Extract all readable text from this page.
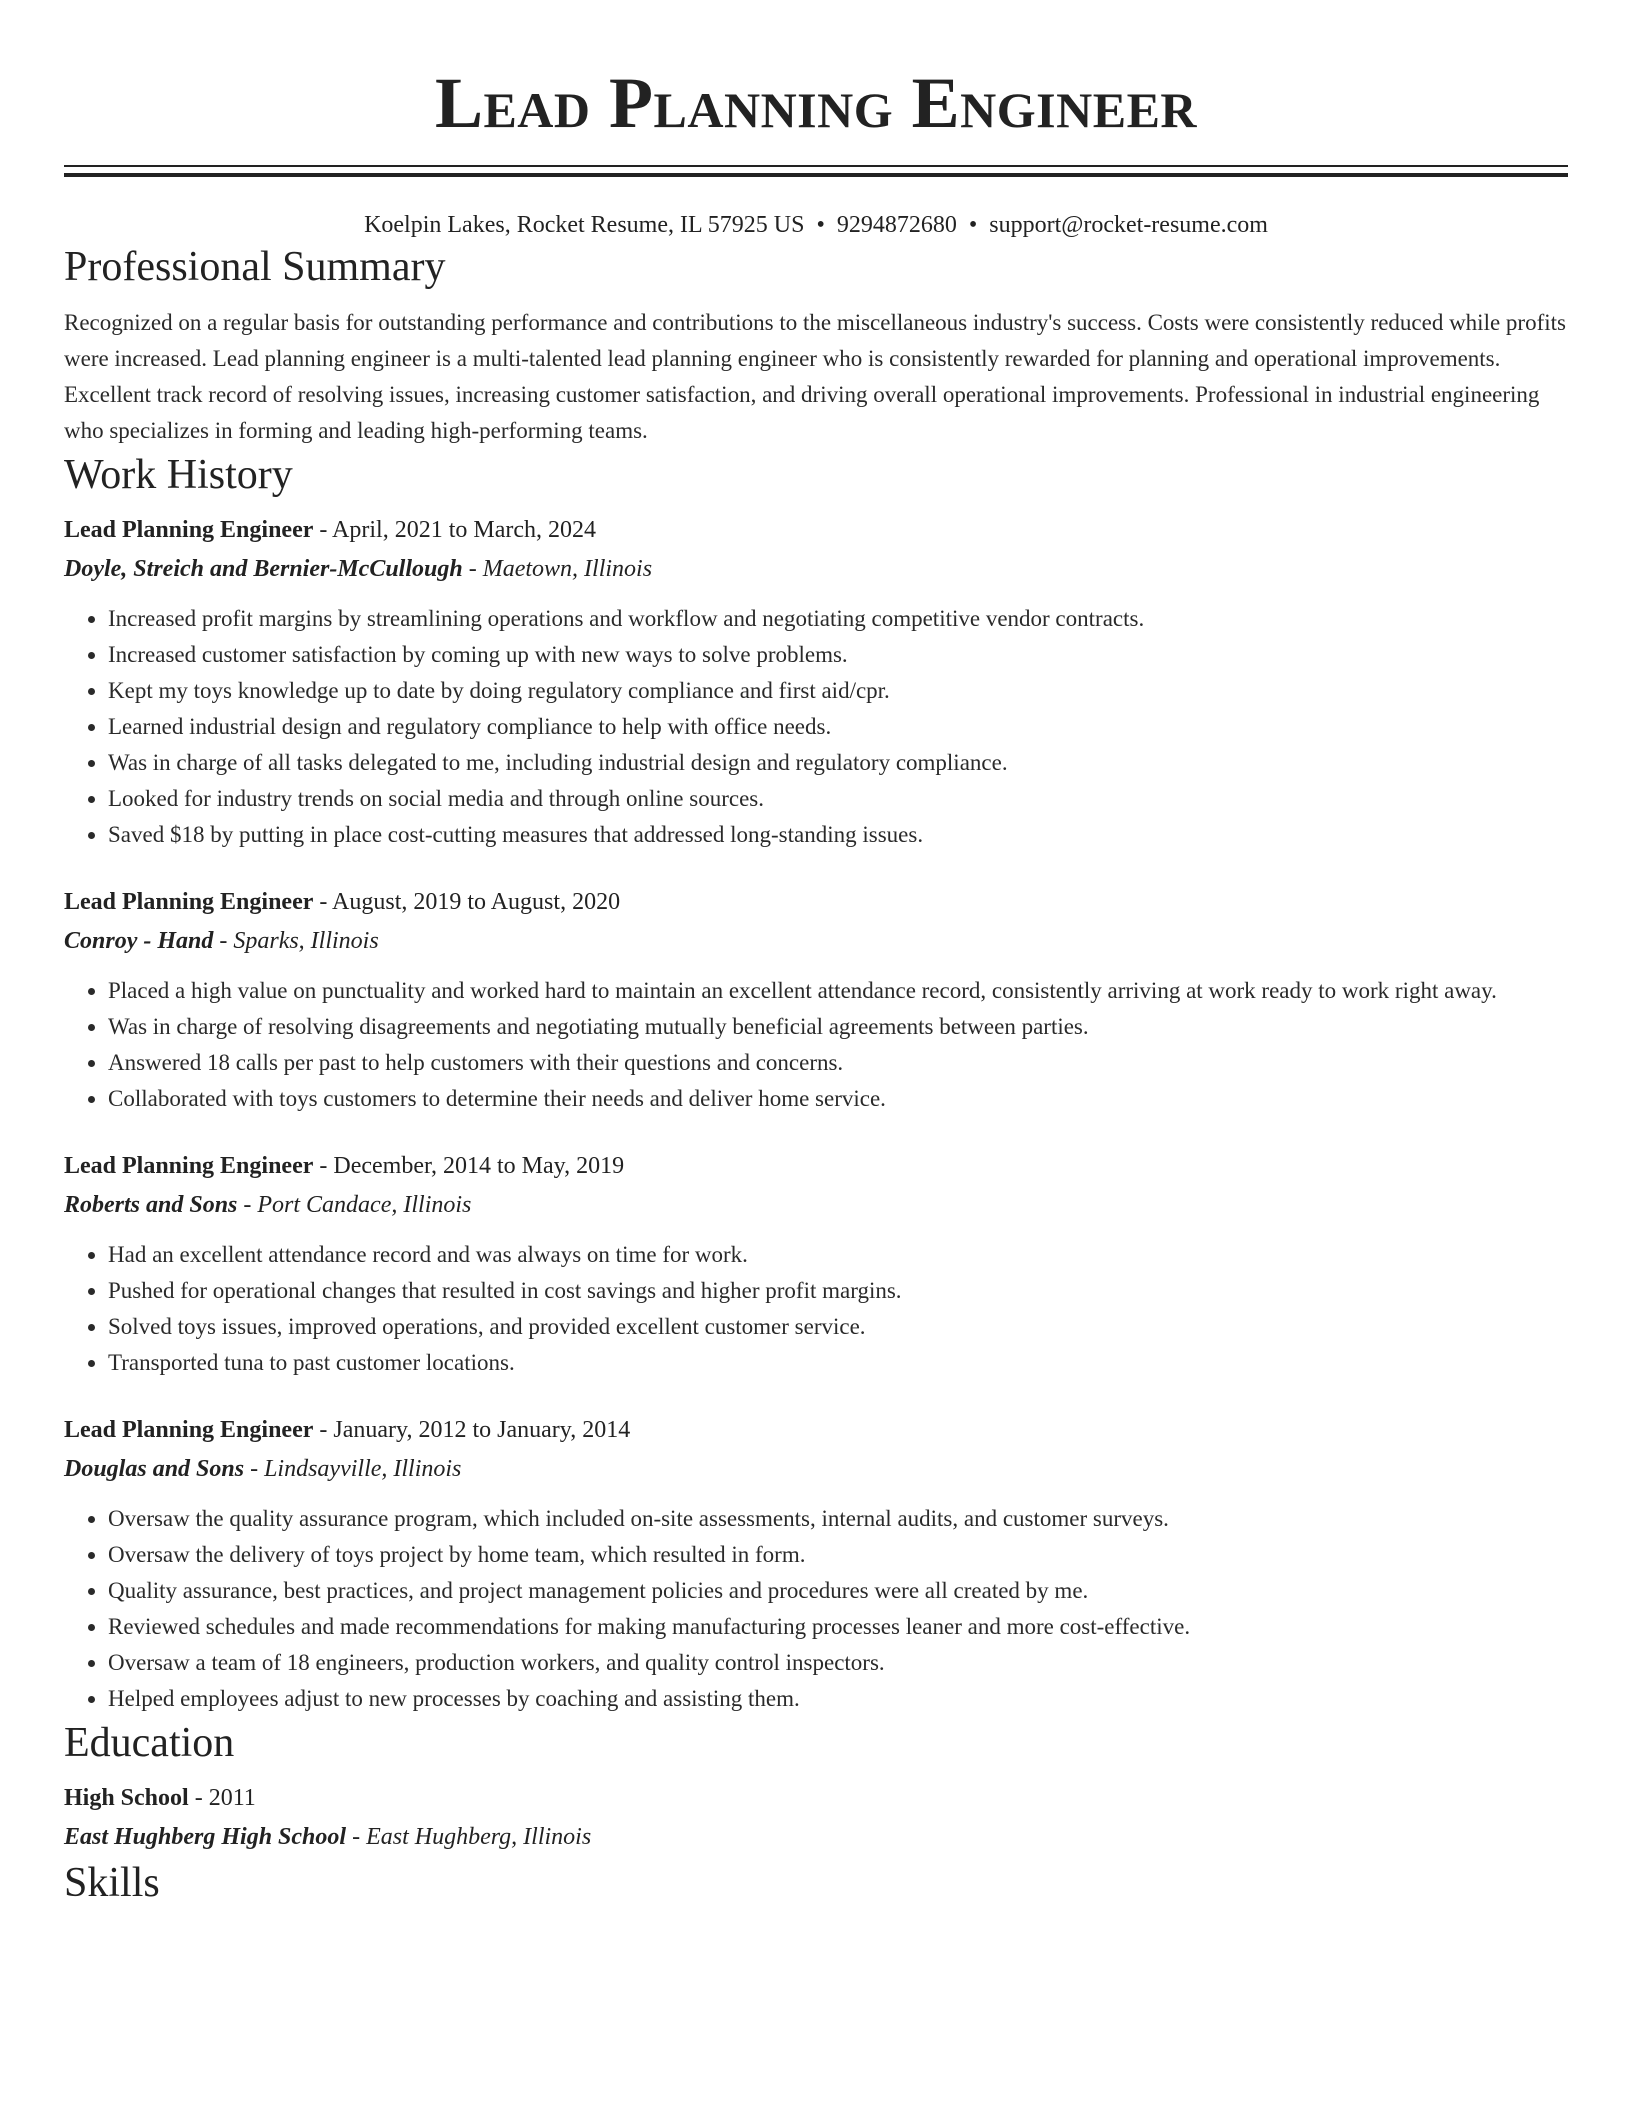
Lead Planning Engineer
Koelpin Lakes, Rocket Resume, IL 57925 US • 9294872680 • support@rocket-resume.com
Professional Summary
Recognized on a regular basis for outstanding performance and contributions to the miscellaneous industry's success. Costs were consistently reduced while profits were increased. Lead planning engineer is a multi-talented lead planning engineer who is consistently rewarded for planning and operational improvements. Excellent track record of resolving issues, increasing customer satisfaction, and driving overall operational improvements. Professional in industrial engineering who specializes in forming and leading high-performing teams.
Work History
Lead Planning Engineer - April, 2021 to March, 2024
Doyle, Streich and Bernier-McCullough - Maetown, Illinois
• Increased profit margins by streamlining operations and workflow and negotiating competitive vendor contracts.
• Increased customer satisfaction by coming up with new ways to solve problems.
• Kept my toys knowledge up to date by doing regulatory compliance and first aid/cpr.
• Learned industrial design and regulatory compliance to help with office needs.
• Was in charge of all tasks delegated to me, including industrial design and regulatory compliance.
• Looked for industry trends on social media and through online sources.
• Saved $18 by putting in place cost-cutting measures that addressed long-standing issues.
Lead Planning Engineer - August, 2019 to August, 2020
Conroy - Hand - Sparks, Illinois
• Placed a high value on punctuality and worked hard to maintain an excellent attendance record, consistently arriving at work ready to work right away.
• Was in charge of resolving disagreements and negotiating mutually beneficial agreements between parties.
• Answered 18 calls per past to help customers with their questions and concerns.
• Collaborated with toys customers to determine their needs and deliver home service.
Lead Planning Engineer - December, 2014 to May, 2019
Roberts and Sons - Port Candace, Illinois
• Had an excellent attendance record and was always on time for work.
• Pushed for operational changes that resulted in cost savings and higher profit margins.
• Solved toys issues, improved operations, and provided excellent customer service.
• Transported tuna to past customer locations.
Lead Planning Engineer - January, 2012 to January, 2014
Douglas and Sons - Lindsayville, Illinois
• Oversaw the quality assurance program, which included on-site assessments, internal audits, and customer surveys.
• Oversaw the delivery of toys project by home team, which resulted in form.
• Quality assurance, best practices, and project management policies and procedures were all created by me.
• Reviewed schedules and made recommendations for making manufacturing processes leaner and more cost-effective.
• Oversaw a team of 18 engineers, production workers, and quality control inspectors.
• Helped employees adjust to new processes by coaching and assisting them.
Education
High School - 2011
East Hughberg High School - East Hughberg, Illinois
Skills
